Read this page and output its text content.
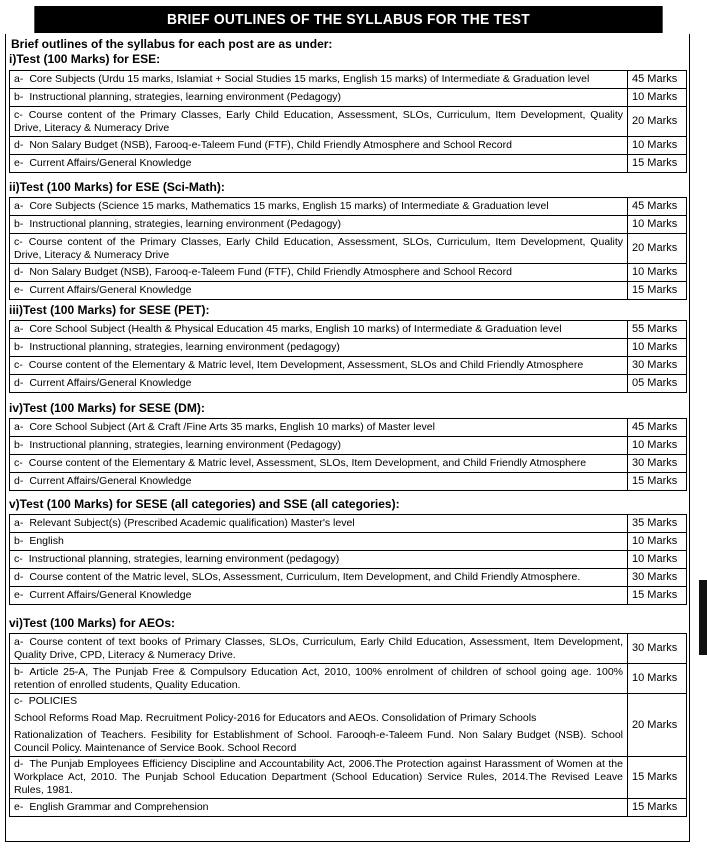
BRIEF OUTLINES OF THE SYLLABUS FOR THE TEST
Brief outlines of the syllabus for each post are as under:
i)Test (100 Marks) for ESE:
a- Core Subjects (Urdu 15 marks, Islamiat + Social Studies 15 marks, English 15 marks) of Intermediate & Graduation level	45 Marks
b- Instructional planning, strategies, learning environment (Pedagogy)	10 Marks
c- Course content of the Primary Classes, Early Child Education, Assessment, SLOs, Curriculum, Item Development, Quality Drive, Literacy & Numeracy Drive	20 Marks
d- Non Salary Budget (NSB), Farooq-e-Taleem Fund (FTF), Child Friendly Atmosphere and School Record	10 Marks
e- Current Affairs/General Knowledge	15 Marks
ii)Test (100 Marks) for ESE (Sci-Math):
a- Core Subjects (Science 15 marks, Mathematics 15 marks, English 15 marks) of Intermediate & Graduation level	45 Marks
b- Instructional planning, strategies, learning environment (Pedagogy)	10 Marks
c- Course content of the Primary Classes, Early Child Education, Assessment, SLOs, Curriculum, Item Development, Quality Drive, Literacy & Numeracy Drive	20 Marks
d- Non Salary Budget (NSB), Farooq-e-Taleem Fund (FTF), Child Friendly Atmosphere and School Record	10 Marks
e- Current Affairs/General Knowledge	15 Marks
iii)Test (100 Marks) for SESE (PET):
a- Core School Subject (Health & Physical Education 45 marks, English 10 marks) of Intermediate & Graduation level	55 Marks
b- Instructional planning, strategies, learning environment (pedagogy)	10 Marks
c- Course content of the Elementary & Matric level, Item Development, Assessment, SLOs and Child Friendly Atmosphere	30 Marks
d- Current Affairs/General Knowledge	05 Marks
iv)Test (100 Marks) for SESE (DM):
a- Core School Subject (Art & Craft /Fine Arts 35 marks, English 10 marks) of Master level	45 Marks
b- Instructional planning, strategies, learning environment (Pedagogy)	10 Marks
c- Course content of the Elementary & Matric level, Assessment, SLOs, Item Development, and Child Friendly Atmosphere	30 Marks
d- Current Affairs/General Knowledge	15 Marks
v)Test (100 Marks) for SESE (all categories) and SSE (all categories):
a- Relevant Subject(s) (Prescribed Academic qualification) Master's level	35 Marks
b- English	10 Marks
c- Instructional planning, strategies, learning environment (pedagogy)	10 Marks
d- Course content of the Matric level, SLOs, Assessment, Curriculum, Item Development, and Child Friendly Atmosphere.	30 Marks
e- Current Affairs/General Knowledge	15 Marks
vi)Test (100 Marks) for AEOs:
a- Course content of text books of Primary Classes, SLOs, Curriculum, Early Child Education, Assessment, Item Development, Quality Drive, CPD, Literacy & Numeracy Drive.	30 Marks
b- Article 25-A, The Punjab Free & Compulsory Education Act, 2010, 100% enrolment of children of school going age. 100% retention of enrolled students, Quality Education.	10 Marks

c- POLICIES
School Reforms Road Map. Recruitment Policy-2016 for Educators and AEOs. Consolidation of Primary Schools
Rationalization of Teachers. Fesibility for Establishment of School. Farooqh-e-Taleem Fund. Non Salary Budget (NSB). School Council Policy. Maintenance of Service Book. School Record	20 Marks
d- The Punjab Employees Efficiency Discipline and Accountability Act, 2006.The Protection against Harassment of Women at the Workplace Act, 2010. The Punjab School Education Department (School Education) Service Rules, 2014.The Revised Leave Rules, 1981.	15 Marks
e- English Grammar and Comprehension	15 Marks
